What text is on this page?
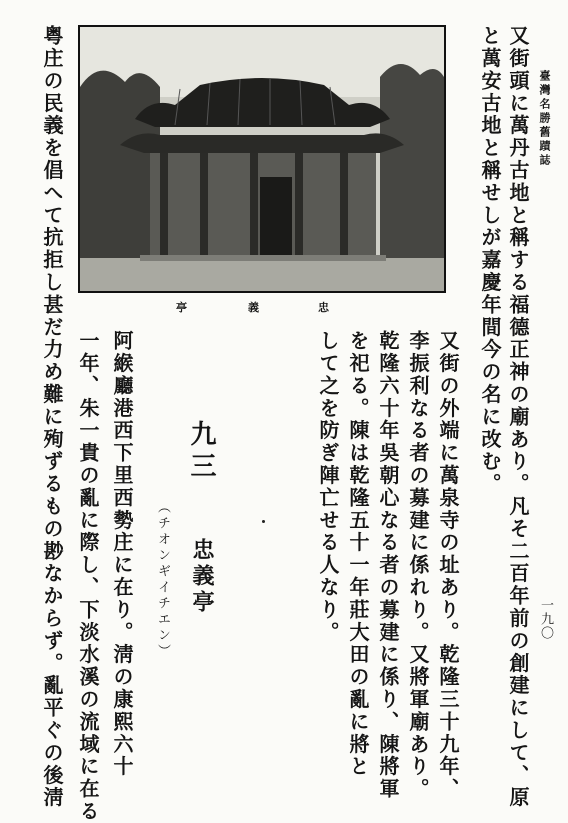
臺灣名勝舊蹟誌
一九〇
亭	義	忠	又街頭に萬丹古地と稱する福德正神の廟あり。凡そ二百年前の創建にして、原
と萬安古地と稱せしが嘉慶年間今の名に改む。
又街の外端に萬泉寺の址あり。乾隆三十九年、
李振利なる者の募建に係れり。又將軍廟あり。
乾隆六十年吳朝心なる者の募建に係り、陳將軍
を祀る。陳は乾隆五十一年莊大田の亂に將と
して之を防ぎ陣亡せる人なり。
九三
忠義亭
（チオンギイチエン）
阿緱廳港西下里西勢庄に在り。淸の康熙六十
一年、朱一貴の亂に際し、下淡水溪の流域に在る
粤庄の民義を倡へて抗拒し甚だ力め難に殉ずるもの尠なからず。亂平ぐの後淸
